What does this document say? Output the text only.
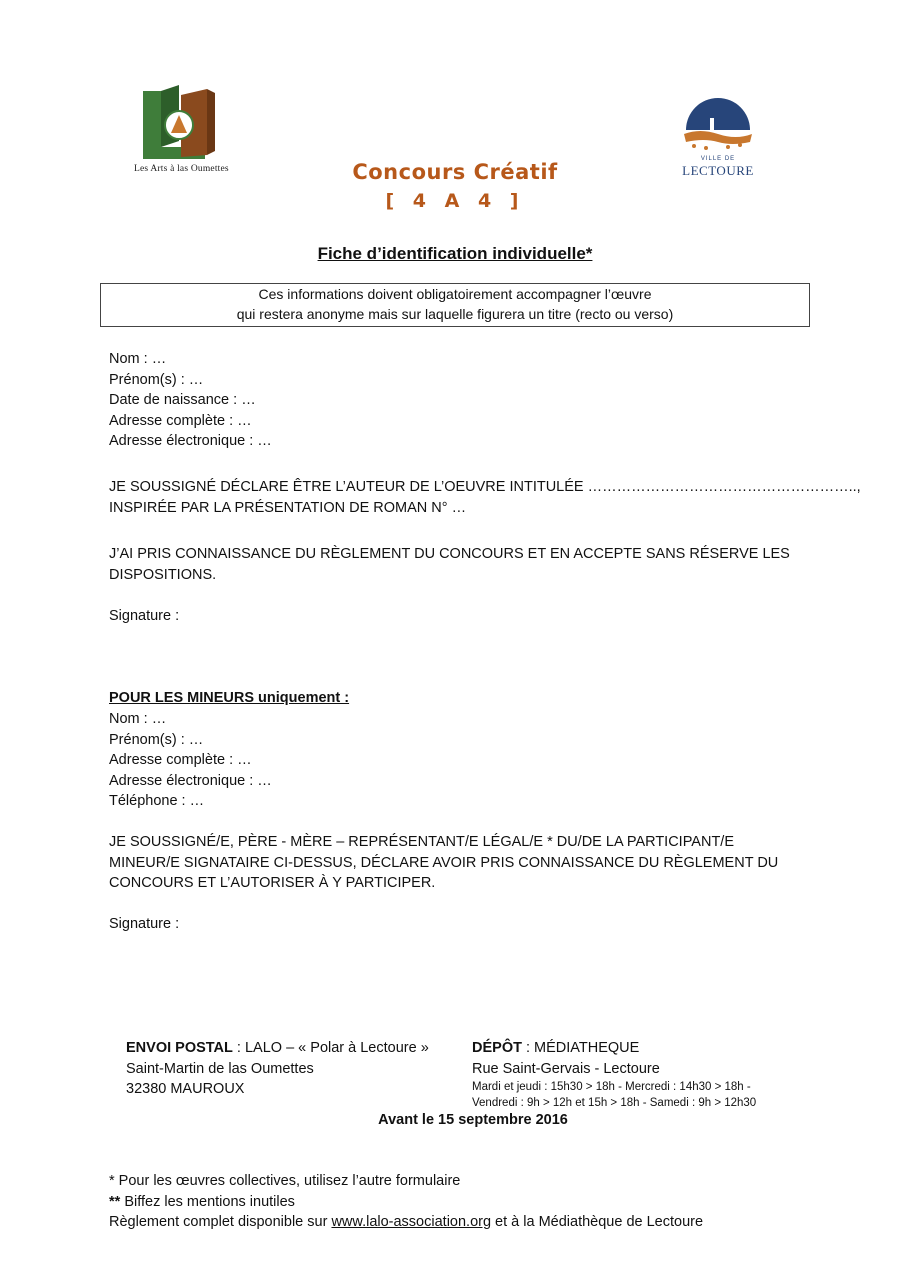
Les Arts à las Oumettes
VILLE DE
LECTOURE
Concours Créatif
[ 4 A 4 ]
Fiche d’identification individuelle*
Ces informations doivent obligatoirement accompagner l’œuvre
qui restera anonyme mais sur laquelle figurera un titre (recto ou verso)
Nom : …
Prénom(s) : …
Date de naissance : …
Adresse complète : …
Adresse électronique : …
JE SOUSSIGNÉ DÉCLARE ÊTRE L’AUTEUR DE L’OEUVRE INTITULÉE ………………………………………………..,
INSPIRÉE PAR LA PRÉSENTATION DE ROMAN N° …
J’AI PRIS CONNAISSANCE DU RÈGLEMENT DU CONCOURS ET EN ACCEPTE SANS RÉSERVE LES
DISPOSITIONS.
Signature :
POUR LES MINEURS uniquement :
Nom : …
Prénom(s) : …
Adresse complète : …
Adresse électronique : …
Téléphone : …
JE SOUSSIGNÉ/E, PÈRE - MÈRE – REPRÉSENTANT/E LÉGAL/E * DU/DE LA PARTICIPANT/E
MINEUR/E SIGNATAIRE CI-DESSUS, DÉCLARE AVOIR PRIS CONNAISSANCE DU RÈGLEMENT DU
CONCOURS ET L’AUTORISER À Y PARTICIPER.
Signature :
ENVOI POSTAL : LALO – « Polar à Lectoure »
Saint-Martin de las Oumettes
32380 MAUROUX
DÉPÔT : MÉDIATHEQUE
Rue Saint-Gervais - Lectoure
Mardi et jeudi : 15h30 > 18h - Mercredi : 14h30 > 18h -
Vendredi : 9h > 12h et 15h > 18h - Samedi : 9h > 12h30
Avant le 15 septembre 2016
* Pour les œuvres collectives, utilisez l’autre formulaire
** Biffez les mentions inutiles
Règlement complet disponible sur www.lalo-association.org et à la Médiathèque de Lectoure
